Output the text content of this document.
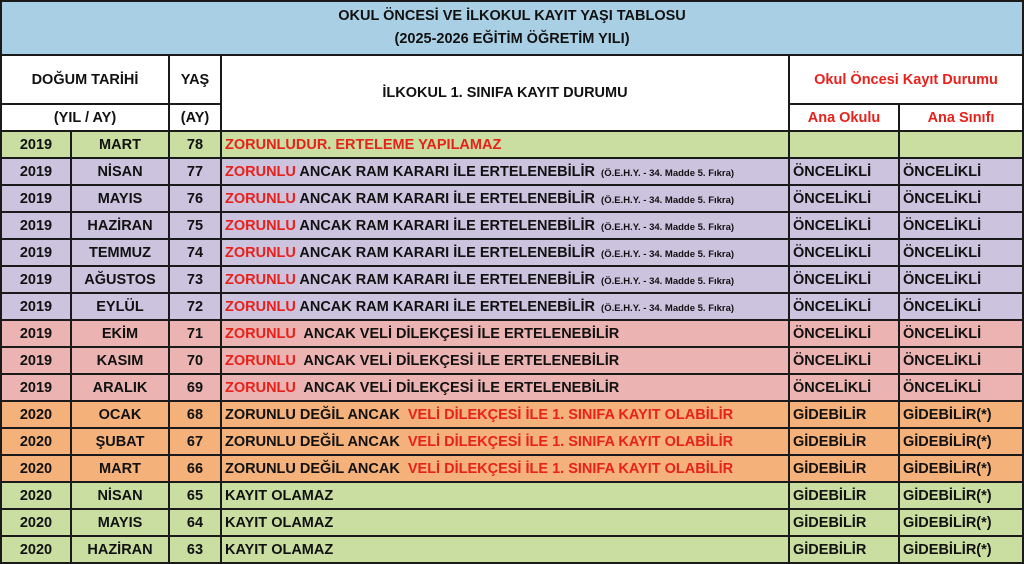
OKUL ÖNCESİ VE İLKOKUL KAYIT YAŞI TABLOSU
(2025-2026 EĞİTİM ÖĞRETİM YILI)					

DOĞUM TARİHİ		YAŞ	İLKOKUL 1. SINIFA KAYIT DURUMU	Okul Öncesi Kayıt Durumu	
(YIL / AY)		(AY)		Ana Okulu	Ana Sınıfı
2019	MART	78	ZORUNLUDUR. ERTELEME YAPILAMAZ		
2019	NİSAN	77	ZORUNLU ANCAK RAM KARARI İLE ERTELENEBİLİR (Ö.E.H.Y. - 34. Madde 5. Fıkra)	ÖNCELİKLİ	ÖNCELİKLİ
2019	MAYIS	76	ZORUNLU ANCAK RAM KARARI İLE ERTELENEBİLİR (Ö.E.H.Y. - 34. Madde 5. Fıkra)	ÖNCELİKLİ	ÖNCELİKLİ
2019	HAZİRAN	75	ZORUNLU ANCAK RAM KARARI İLE ERTELENEBİLİR (Ö.E.H.Y. - 34. Madde 5. Fıkra)	ÖNCELİKLİ	ÖNCELİKLİ
2019	TEMMUZ	74	ZORUNLU ANCAK RAM KARARI İLE ERTELENEBİLİR (Ö.E.H.Y. - 34. Madde 5. Fıkra)	ÖNCELİKLİ	ÖNCELİKLİ
2019	AĞUSTOS	73	ZORUNLU ANCAK RAM KARARI İLE ERTELENEBİLİR (Ö.E.H.Y. - 34. Madde 5. Fıkra)	ÖNCELİKLİ	ÖNCELİKLİ
2019	EYLÜL	72	ZORUNLU ANCAK RAM KARARI İLE ERTELENEBİLİR (Ö.E.H.Y. - 34. Madde 5. Fıkra)	ÖNCELİKLİ	ÖNCELİKLİ
2019	EKİM	71	ZORUNLU  ANCAK VELİ DİLEKÇESİ İLE ERTELENEBİLİR	ÖNCELİKLİ	ÖNCELİKLİ
2019	KASIM	70	ZORUNLU  ANCAK VELİ DİLEKÇESİ İLE ERTELENEBİLİR	ÖNCELİKLİ	ÖNCELİKLİ
2019	ARALIK	69	ZORUNLU  ANCAK VELİ DİLEKÇESİ İLE ERTELENEBİLİR	ÖNCELİKLİ	ÖNCELİKLİ
2020	OCAK	68	ZORUNLU DEĞİL ANCAK  VELİ DİLEKÇESİ İLE 1. SINIFA KAYIT OLABİLİR	GİDEBİLİR	GİDEBİLİR(*)
2020	ŞUBAT	67	ZORUNLU DEĞİL ANCAK  VELİ DİLEKÇESİ İLE 1. SINIFA KAYIT OLABİLİR	GİDEBİLİR	GİDEBİLİR(*)
2020	MART	66	ZORUNLU DEĞİL ANCAK  VELİ DİLEKÇESİ İLE 1. SINIFA KAYIT OLABİLİR	GİDEBİLİR	GİDEBİLİR(*)
2020	NİSAN	65	KAYIT OLAMAZ	GİDEBİLİR	GİDEBİLİR(*)
2020	MAYIS	64	KAYIT OLAMAZ	GİDEBİLİR	GİDEBİLİR(*)
2020	HAZİRAN	63	KAYIT OLAMAZ	GİDEBİLİR	GİDEBİLİR(*)
